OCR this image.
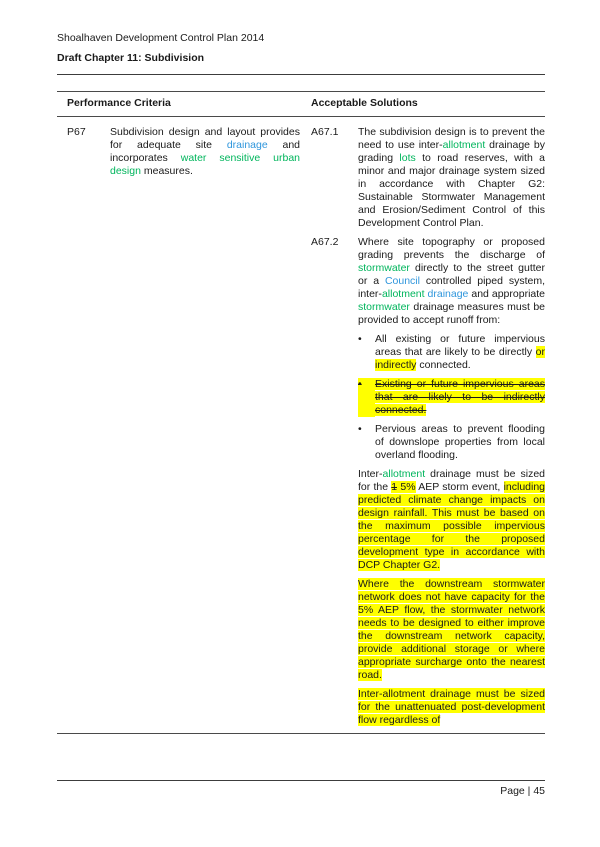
Shoalhaven Development Control Plan 2014

Draft Chapter 11: Subdivision

Performance Criteria	Acceptable Solutions
P67	Subdivision design and layout provides for adequate site drainage and incorporates water sensitive urban design measures.
A67.1	The subdivision design is to prevent the need to use inter-allotment drainage by grading lots to road reserves, with a minor and major drainage system sized in accordance with Chapter G2: Sustainable Stormwater Management and Erosion/Sediment Control of this Development Control Plan.
A67.2	Where site topography or proposed grading prevents the discharge of stormwater directly to the street gutter or a Council controlled piped system, inter-allotment drainage and appropriate stormwater drainage measures must be provided to accept runoff from:
•	All existing or future impervious areas that are likely to be directly or indirectly connected.
•	Existing or future impervious areas that are likely to be indirectly connected.
•	Pervious areas to prevent flooding of downslope properties from local overland flooding.
Inter-allotment drainage must be sized for the 1 5% AEP storm event, including predicted climate change impacts on design rainfall. This must be based on the maximum possible impervious percentage for the proposed development type in accordance with DCP Chapter G2.
Where the downstream stormwater network does not have capacity for the 5% AEP flow, the stormwater network needs to be designed to either improve the downstream network capacity, provide additional storage or where appropriate surcharge onto the nearest road.
Inter-allotment drainage must be sized for the unattenuated post-development flow regardless of
Page | 45
